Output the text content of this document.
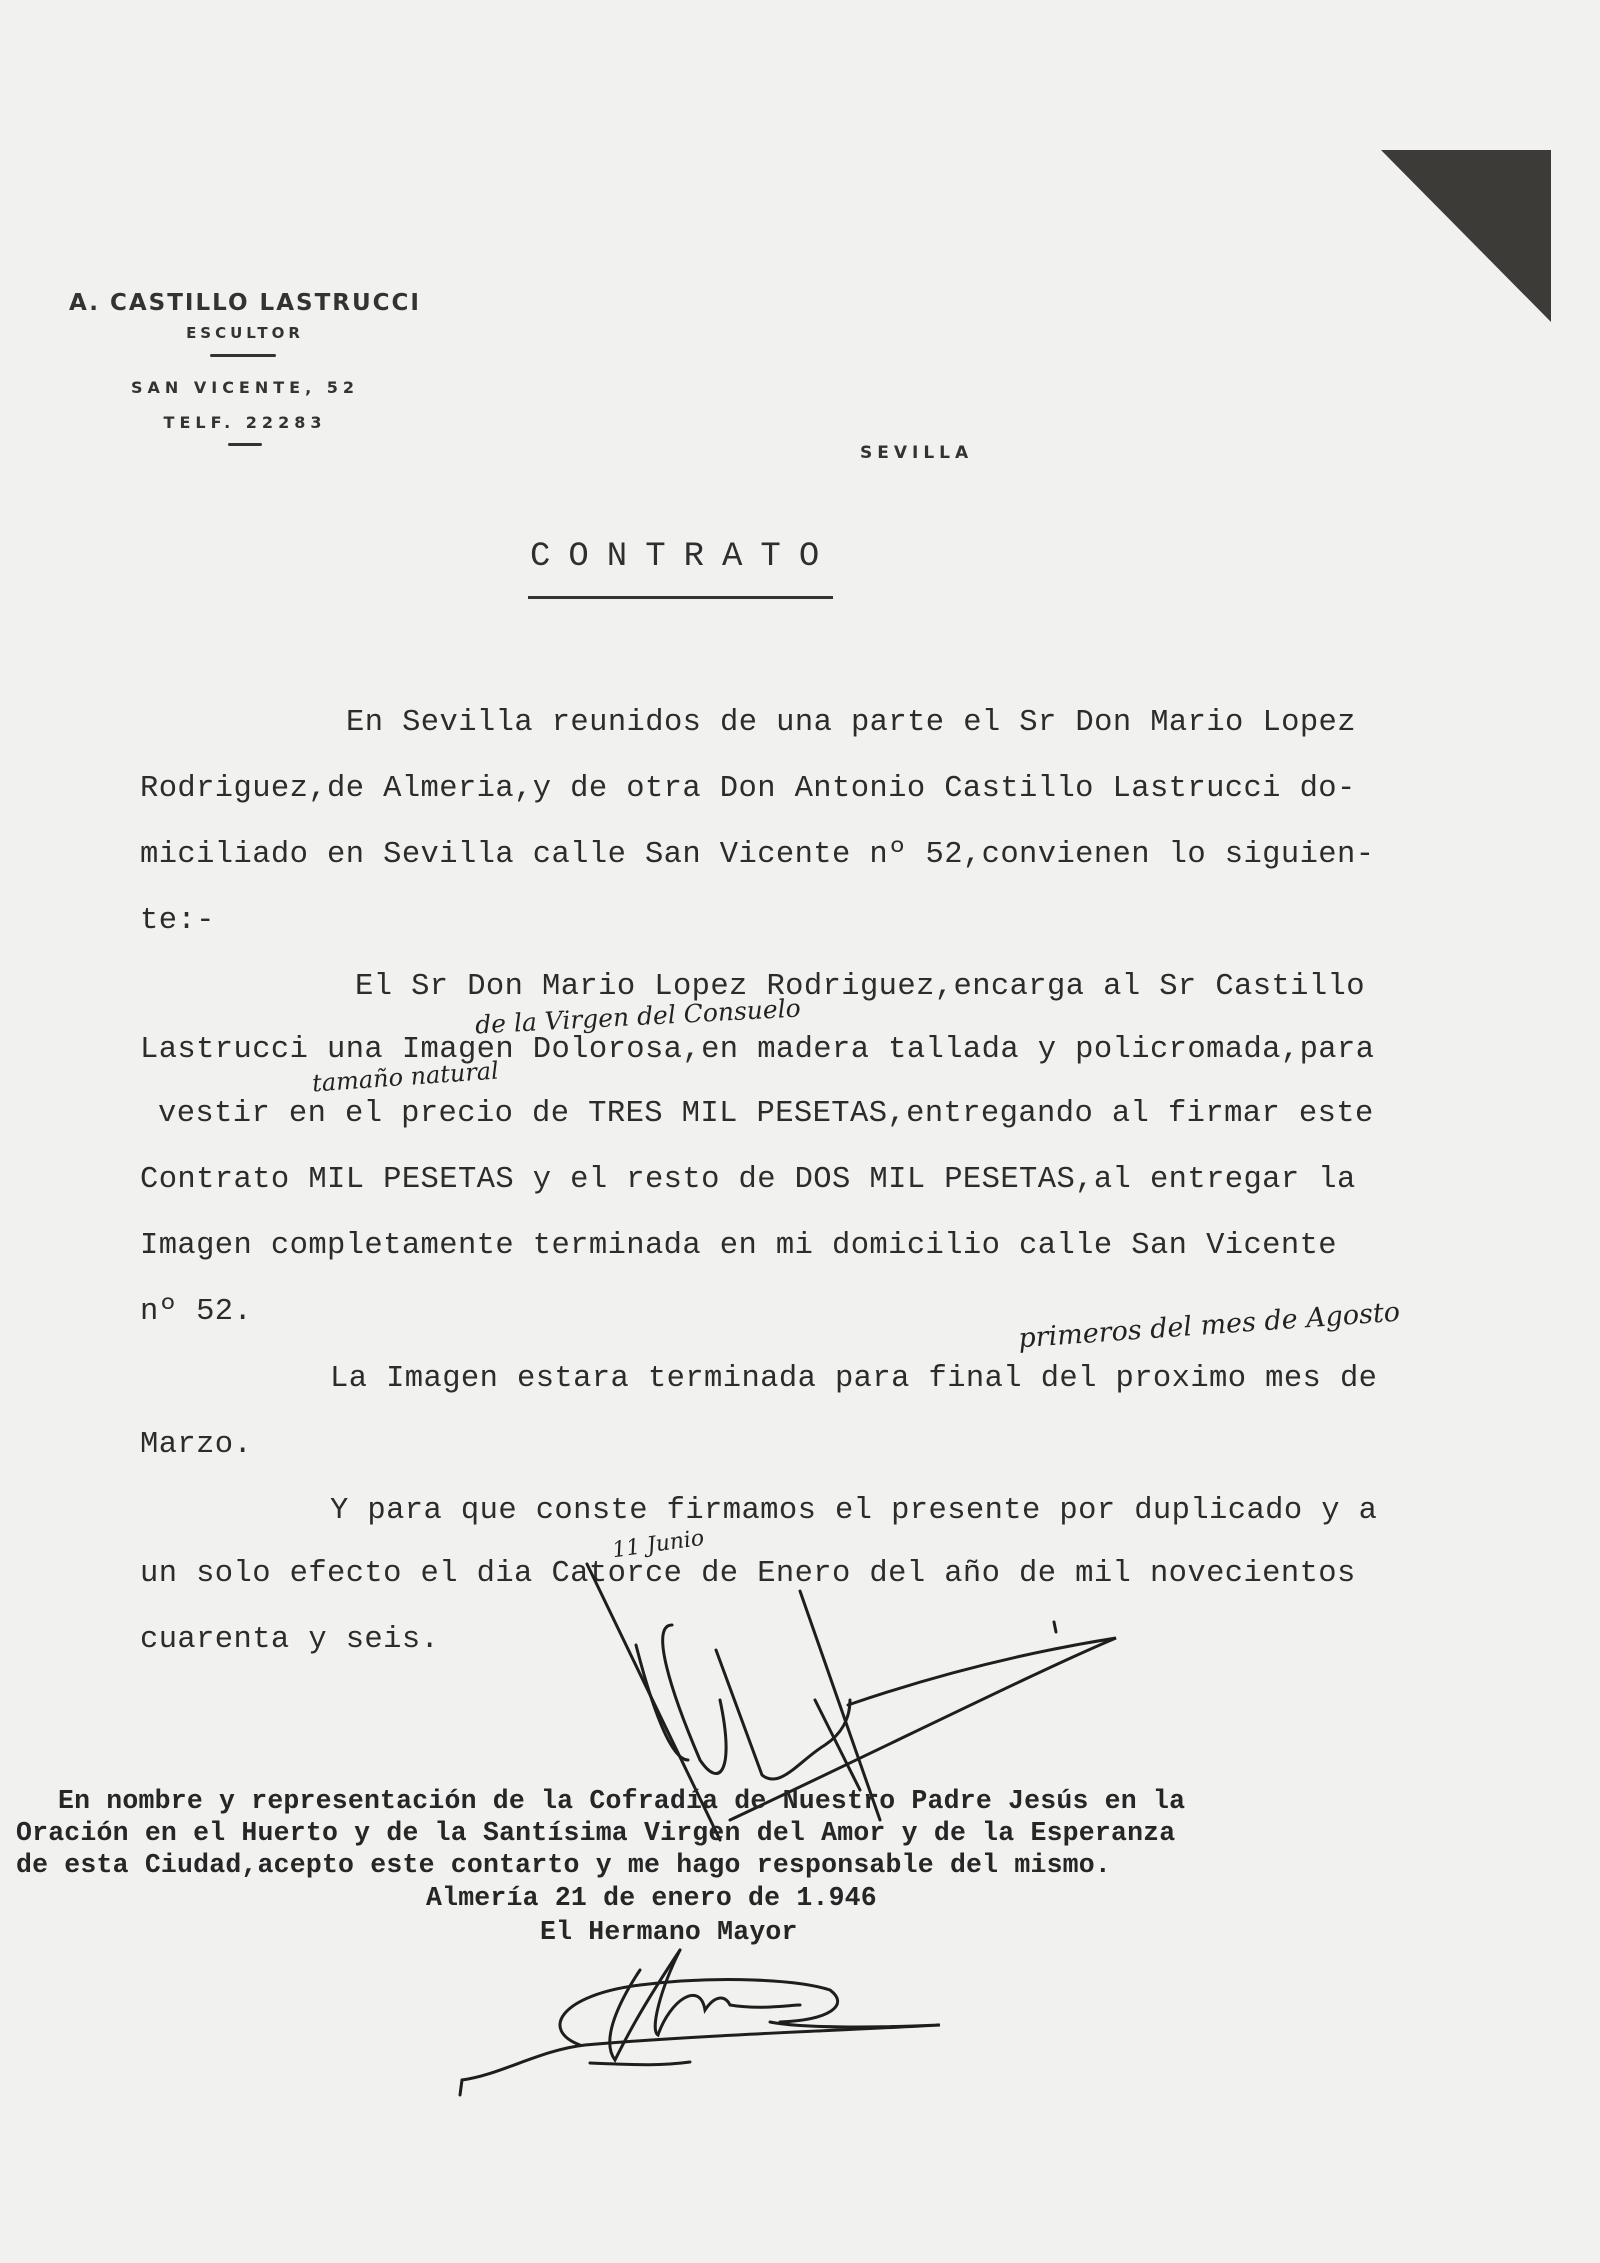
A. CASTILLO LASTRUCCI
ESCULTOR
SAN VICENTE, 52
TELF. 22283
SEVILLA
CONTRATO
En Sevilla reunidos de una parte el Sr Don Mario Lopez
Rodriguez,de Almeria,y de otra Don Antonio Castillo Lastrucci do-
miciliado en Sevilla calle San Vicente nº 52,convienen lo siguien-
te:-
El Sr Don Mario Lopez Rodriguez,encarga al Sr Castillo
de la Virgen del Consuelo
Lastrucci una Imagen Dolorosa,en madera tallada y policromada,para
tamaño natural
vestir en el precio de TRES MIL PESETAS,entregando al firmar este
Contrato MIL PESETAS y el resto de DOS MIL PESETAS,al entregar la
Imagen completamente terminada en mi domicilio calle San Vicente
nº 52.	primeros del mes de Agosto
La Imagen estara terminada para final del proximo mes de
Marzo.
Y para que conste firmamos el presente por duplicado y a
11 Junio
un solo efecto el dia Catorce de Enero del año de mil novecientos
cuarenta y seis.
En nombre y representación de la Cofradía de Nuestro Padre Jesús en la
Oración en el Huerto y de la Santísima Virgen del Amor y de la Esperanza
de esta Ciudad,acepto este contarto y me hago responsable del mismo.
Almería 21 de enero de 1.946
El Hermano Mayor
